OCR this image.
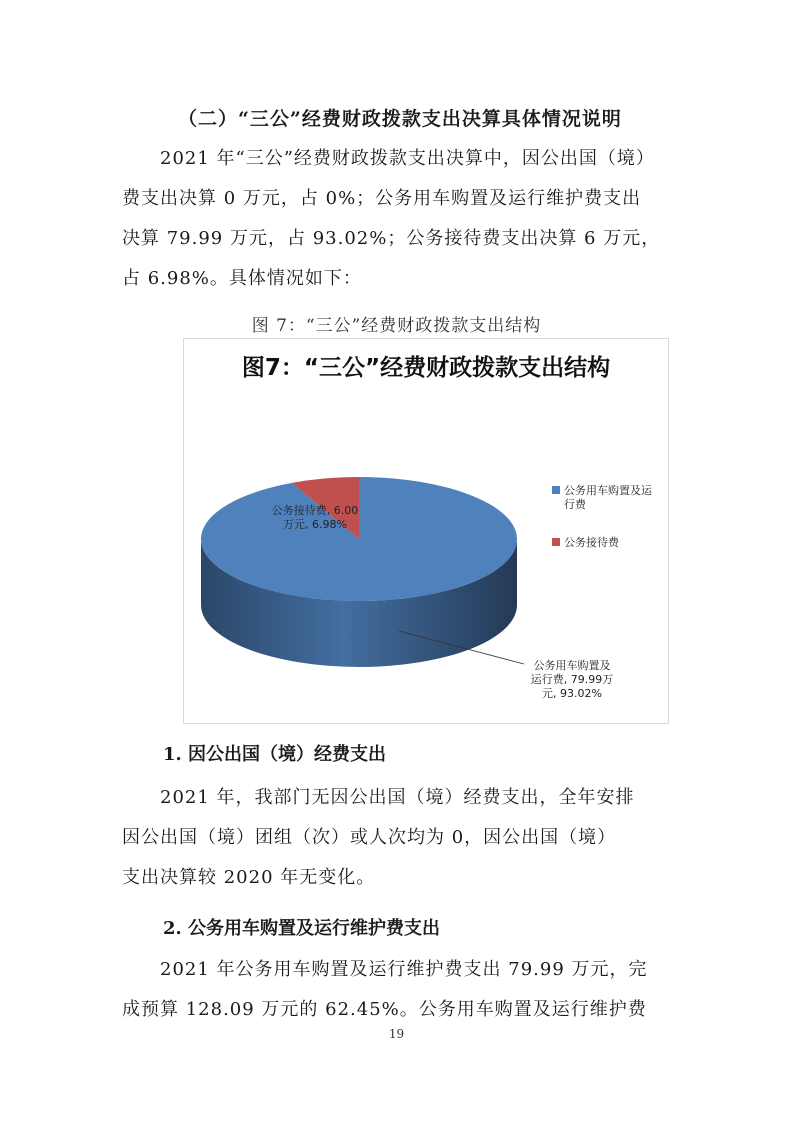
（二）“三公”经费财政拨款支出决算具体情况说明

2021 年“三公”经费财政拨款支出决算中，因公出国（境）

费支出决算 0 万元，占 0%；公务用车购置及运行维护费支出

决算 79.99 万元，占 93.02%；公务接待费支出决算 6 万元，

占 6.98%。具体情况如下：

图 7：“三公”经费财政拨款支出结构
图7：“三公”经费财政拨款支出结构
公务接待费, 6.00
万元, 6.98%
公务用车购置及
运行费, 79.99万
元, 93.02%
公务用车购置及运
行费
公务接待费
1. 因公出国（境）经费支出

2021 年，我部门无因公出国（境）经费支出，全年安排

因公出国（境）团组（次）或人次均为 0，因公出国（境）

支出决算较 2020 年无变化。

2. 公务用车购置及运行维护费支出

2021 年公务用车购置及运行维护费支出 79.99 万元，完

成预算 128.09 万元的 62.45%。公务用车购置及运行维护费

19
